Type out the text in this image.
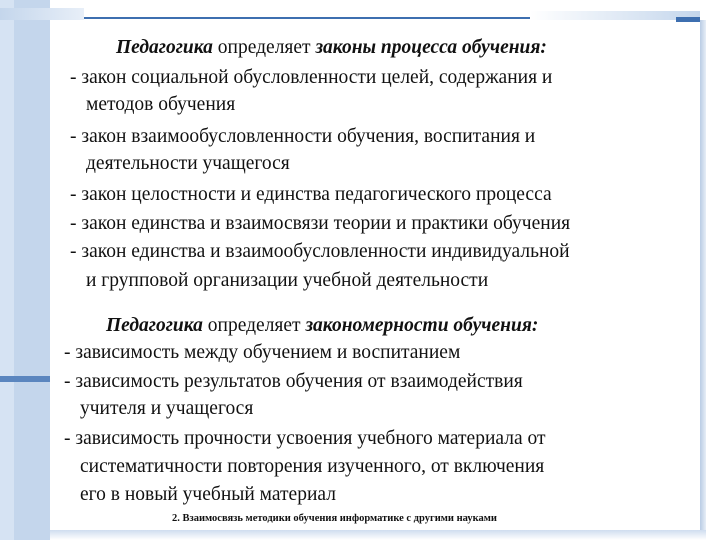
Педагогика определяет законы процесса обучения:
- закон социальной обусловленности целей, содержания и
методов обучения
- закон взаимообусловленности обучения, воспитания и
деятельности учащегося
- закон целостности и единства педагогического процесса
- закон единства и взаимосвязи теории и практики обучения
- закон единства и взаимообусловленности индивидуальной
и групповой организации учебной деятельности
Педагогика определяет закономерности обучения:
- зависимость между обучением и воспитанием
- зависимость результатов обучения от взаимодействия
учителя и учащегося
- зависимость прочности усвоения учебного материала от
систематичности повторения изученного, от включения
его в новый учебный материал
2. Взаимосвязь методики обучения информатике с другими науками
